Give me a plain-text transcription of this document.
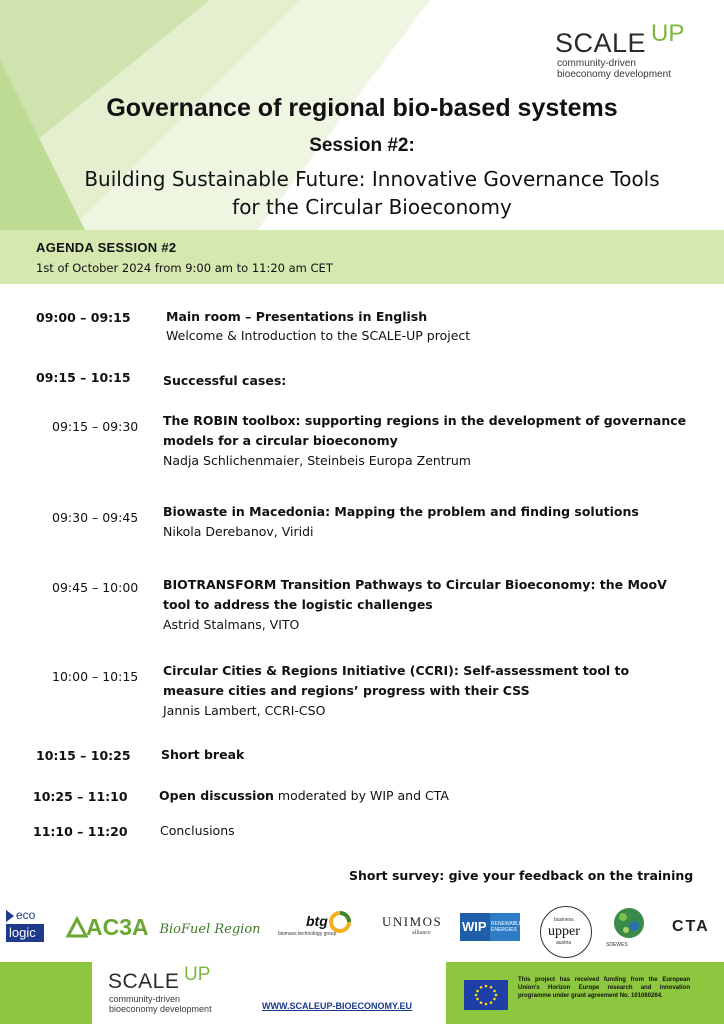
SCALE UP
community-driven
bioeconomy development
Governance of regional bio-based systems
Session #2:
Building Sustainable Future: Innovative Governance Tools
for the Circular Bioeconomy
AGENDA SESSION #2
1st of October 2024 from 9:00 am to 11:20 am CET
09:00 – 09:15	Main room – Presentations in English
Welcome & Introduction to the SCALE-UP project
09:15 – 10:15	Successful cases:
09:15 – 09:30 The ROBIN toolbox: supporting regions in the development of governance
models for a circular bioeconomy
Nadja Schlichenmaier, Steinbeis Europa Zentrum
09:30 – 09:45 Biowaste in Macedonia: Mapping the problem and finding solutions
Nikola Derebanov, Viridi
09:45 – 10:00 BIOTRANSFORM Transition Pathways to Circular Bioeconomy: the MooV
tool to address the logistic challenges
Astrid Stalmans, VITO
10:00 – 10:15 Circular Cities & Regions Initiative (CCRI): Self-assessment tool to
measure cities and regions’ progress with their CSS
Jannis Lambert, CCRI-CSO
10:15 – 10:25 Short break
10:25 – 11:10	Open discussion moderated by WIP and CTA
11:10 – 11:20	Conclusions
Short survey: give your feedback on the training
eco
logic AC3A BioFuel Region	btg
biomass technology group
UNIMOS
alliance WIP RENEWABLE ENERGIES
business
upper
austria	SDEWES
CTA
SCALE UP
community-driven
bioeconomy development	WWW.SCALEUP-BIOECONOMY.EU
This project has received funding from the European Union's Horizon Europe research and innovation programme under grant agreement No. 101060264.
